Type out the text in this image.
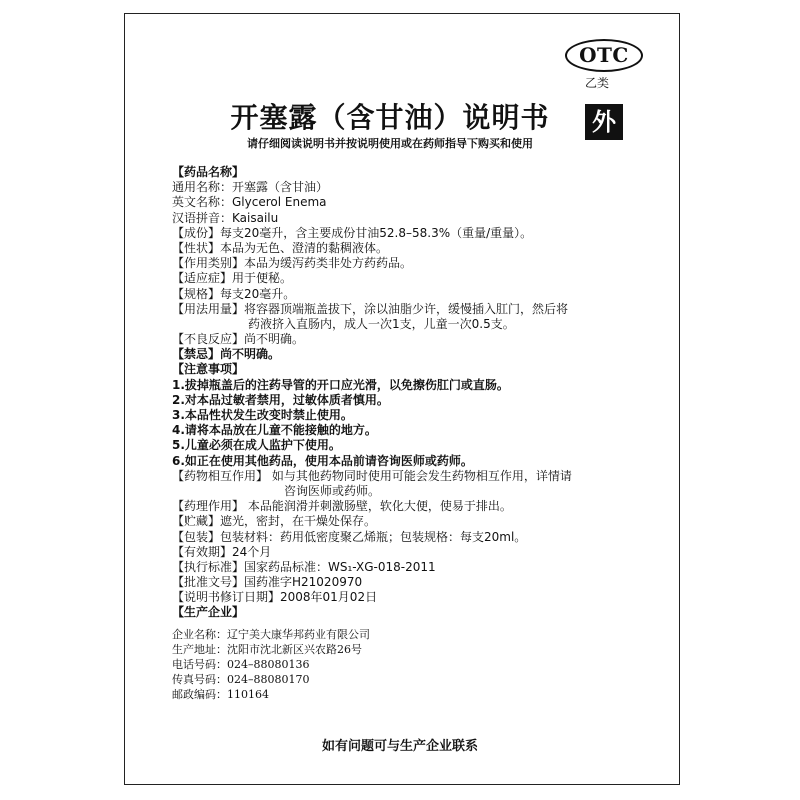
OTC
乙类
外
开塞露（含甘油）说明书
请仔细阅读说明书并按说明使用或在药师指导下购买和使用
【药品名称】
通用名称：开塞露（含甘油）
英文名称：Glycerol Enema
汉语拼音：Kaisailu
【成份】每支20毫升，含主要成份甘油52.8–58.3%（重量/重量）。
【性状】本品为无色、澄清的黏稠液体。
【作用类别】本品为缓泻药类非处方药药品。
【适应症】用于便秘。
【规格】每支20毫升。
【用法用量】将容器顶端瓶盖拔下，涂以油脂少许，缓慢插入肛门，然后将
药液挤入直肠内，成人一次1支，儿童一次0.5支。
【不良反应】尚不明确。
【禁忌】尚不明确。
【注意事项】
1.拔掉瓶盖后的注药导管的开口应光滑，以免擦伤肛门或直肠。
2.对本品过敏者禁用，过敏体质者慎用。
3.本品性状发生改变时禁止使用。
4.请将本品放在儿童不能接触的地方。
5.儿童必须在成人监护下使用。
6.如正在使用其他药品，使用本品前请咨询医师或药师。
【药物相互作用】 如与其他药物同时使用可能会发生药物相互作用，详情请
咨询医师或药师。
【药理作用】 本品能润滑并刺激肠壁，软化大便，使易于排出。
【贮藏】遮光，密封，在干燥处保存。
【包装】包装材料：药用低密度聚乙烯瓶；包装规格：每支20ml。
【有效期】24个月
【执行标准】国家药品标准：WS₁-XG-018-2011
【批准文号】国药准字H21020970
【说明书修订日期】2008年01月02日
【生产企业】
企业名称：辽宁美大康华邦药业有限公司
生产地址：沈阳市沈北新区兴农路26号
电话号码：024–88080136
传真号码：024–88080170
邮政编码：110164
如有问题可与生产企业联系
